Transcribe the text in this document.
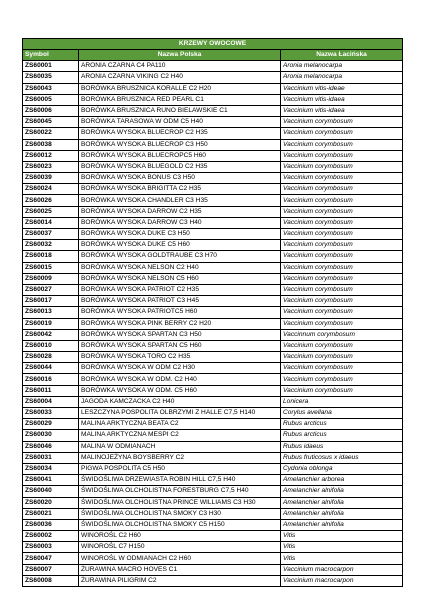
KRZEWY OWOCOWE		
Symbol	Nazwa Polska	Nazwa Łacińska
ZS60001	ARONIA CZARNA C4 PA110	Aronia melanocarpa
ZS60035	ARONIA CZARNA VIKING C2 H40	Aronia melanocarpa
ZS60043	BORÓWKA BRUSZNICA KORALLE C2 H20	Vaccinium vitis-ideae
ZS60005	BORÓWKA BRUSZNICA RED PEARL C1	Vaccinium vitis-idaea
ZS60006	BORÓWKA BRUSZNICA RUNO BIELAWSKIE C1	Vaccinium vitis-idaea
ZS60045	BORÓWKA TARASOWA W ODM C5 H40	Vaccinium corymbosum
ZS60022	BORÓWKA WYSOKA BLUECROP C2 H35	Vaccinium corymbosum
ZS60038	BORÓWKA WYSOKA BLUECROP C3 H50	Vaccinium corymbosum
ZS60012	BORÓWKA WYSOKA BLUECROPC5 H60	Vaccinium corymbosum
ZS60023	BORÓWKA WYSOKA BLUEGOLD C2 H35	Vaccinium corymbosum
ZS60039	BORÓWKA WYSOKA BONUS C3 H50	Vaccinium corymbosum
ZS60024	BORÓWKA WYSOKA BRIGITTA C2 H35	Vaccinium corymbosum
ZS60026	BORÓWKA WYSOKA CHANDLER C3 H35	Vaccinium corymbosum
ZS60025	BORÓWKA WYSOKA DARROW C2 H35	Vaccinium corymbosum
ZS60014	BORÓWKA WYSOKA DARROW C3 H40	Vaccinium corymbosum
ZS60037	BORÓWKA WYSOKA DUKE C3 H50	Vaccinium corymbosum
ZS60032	BORÓWKA WYSOKA DUKE C5 H60	Vaccinium corymbosum
ZS60018	BORÓWKA WYSOKA GOLDTRAUBE C3 H70	Vaccinium corymbosum
ZS60015	BORÓWKA WYSOKA NELSON C2 H40	Vaccinium corymbosum
ZS60009	BORÓWKA WYSOKA NELSON C5 H60	Vaccinium corymbosum
ZS60027	BORÓWKA WYSOKA PATRIOT C2 H35	Vaccinium corymbosum
ZS60017	BORÓWKA WYSOKA PATRIOT C3 H45	Vaccinium corymbosum
ZS60013	BORÓWKA WYSOKA PATRIOTC5 H60	Vaccinium corymbosum
ZS60019	BORÓWKA WYSOKA PINK BERRY C2 H20	Vaccinium corymbosum
ZS60042	BORÓWKA WYSOKA SPARTAN C3 H50	Vaccinnum corymbosum
ZS60010	BORÓWKA WYSOKA SPARTAN C5 H60	Vaccinium corymbosum
ZS60028	BORÓWKA WYSOKA TORO C2 H35	Vaccinium corymbosum
ZS60044	BORÓWKA WYSOKA W ODM C2 H30	Vaccinium corymbosum
ZS60016	BORÓWKA WYSOKA W ODM. C2 H40	Vaccinium corymbosum
ZS60011	BORÓWKA WYSOKA W ODM. C5 H60	Vaccinium corymbosum
ZS60004	JAGODA KAMCZACKA C2 H40	Lonicera
ZS60033	LESZCZYNA POSPOLITA OLBRZYMI Z HALLE C7,5 H140	Corylus avellana
ZS60029	MALINA ARKTYCZNA BEATA C2	Rubus arcticus
ZS60030	MALINA ARKTYCZNA MESPI C2	Rubus arcticus
ZS60046	MALINA W ODMIANACH	Rubus idaeus
ZS60031	MALINOJEŻYNA BOYSBERRY C2	Rubus fruticosus x idaeus
ZS60034	PIGWA POSPOLITA C5 H50	Cydonia oblonga
ZS60041	ŚWIDOŚLIWA DRZEWIASTA ROBIN HILL C7,5 H40	Amelanchier arborea
ZS60040	ŚWIDOŚLIWA OLCHOLISTNA FORESTBURG C7,5 H40	Amelanchier alnifolia
ZS60020	ŚWIDOŚLIWA OLCHOLISTNA PRINCE WILLIAMS C3 H30	Amelanchier alnifolia
ZS60021	ŚWIDOŚLIWA OLCHOLISTNA SMOKY C3 H30	Amelanchier alnifolia
ZS60036	ŚWIDOŚLIWA OLCHOLISTNA SMOKY C5 H150	Amelanchier alnifolia
ZS60002	WINOROŚL C2 H60	Vitis
ZS60003	WINOROŚL C7 H150	Vitis
ZS60047	WINOROŚL W ODMIANACH C2 H60	Vitis
ZS60007	ŻURAWINA MACRO HOVES C1	Vaccinium macrocarpon
ZS60008	ŻURAWINA PILIGRIM C2	Vaccinium macrocarpon
